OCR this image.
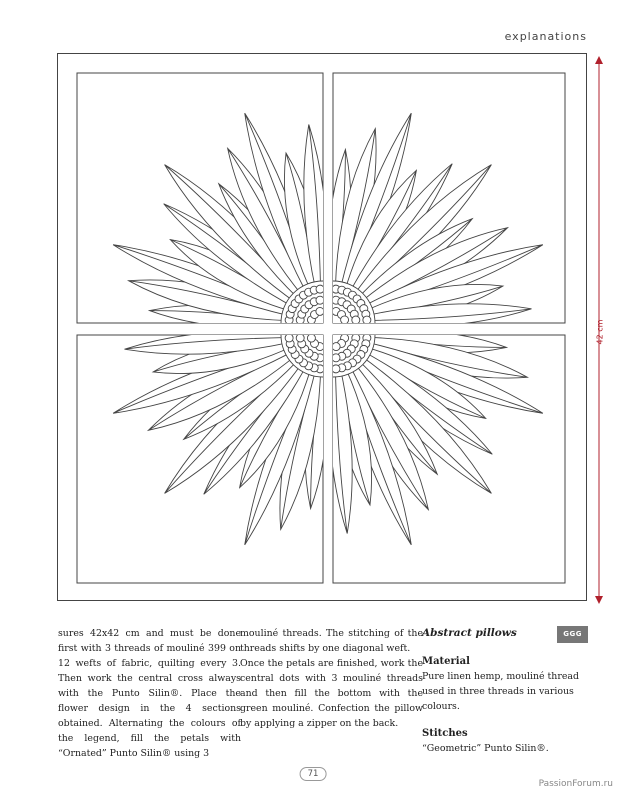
explanations
42 cm

sures 42x42 cm and must be done first with 3 threads of mouliné 399 on 12 wefts of fabric, quilting every 3. Then work the central cross always with the Punto Silin®. Place the flower design in the 4 sections obtained. Alternating the colours of the legend, fill the petals with “Ornated” Punto Silin® using 3

mouliné threads. The stitching of the threads shifts by one diagonal weft.

Once the petals are finished, work the central dots with 3 mouliné threads and then fill the bottom with the green mouliné. Confection the pillow by applying a zipper on the back.

Abstract pillows	GGG

Material

Pure linen hemp, mouliné thread used in three threads in various colours.

Stitches

“Geometric” Punto Silin®.

71
PassionForum.ru
